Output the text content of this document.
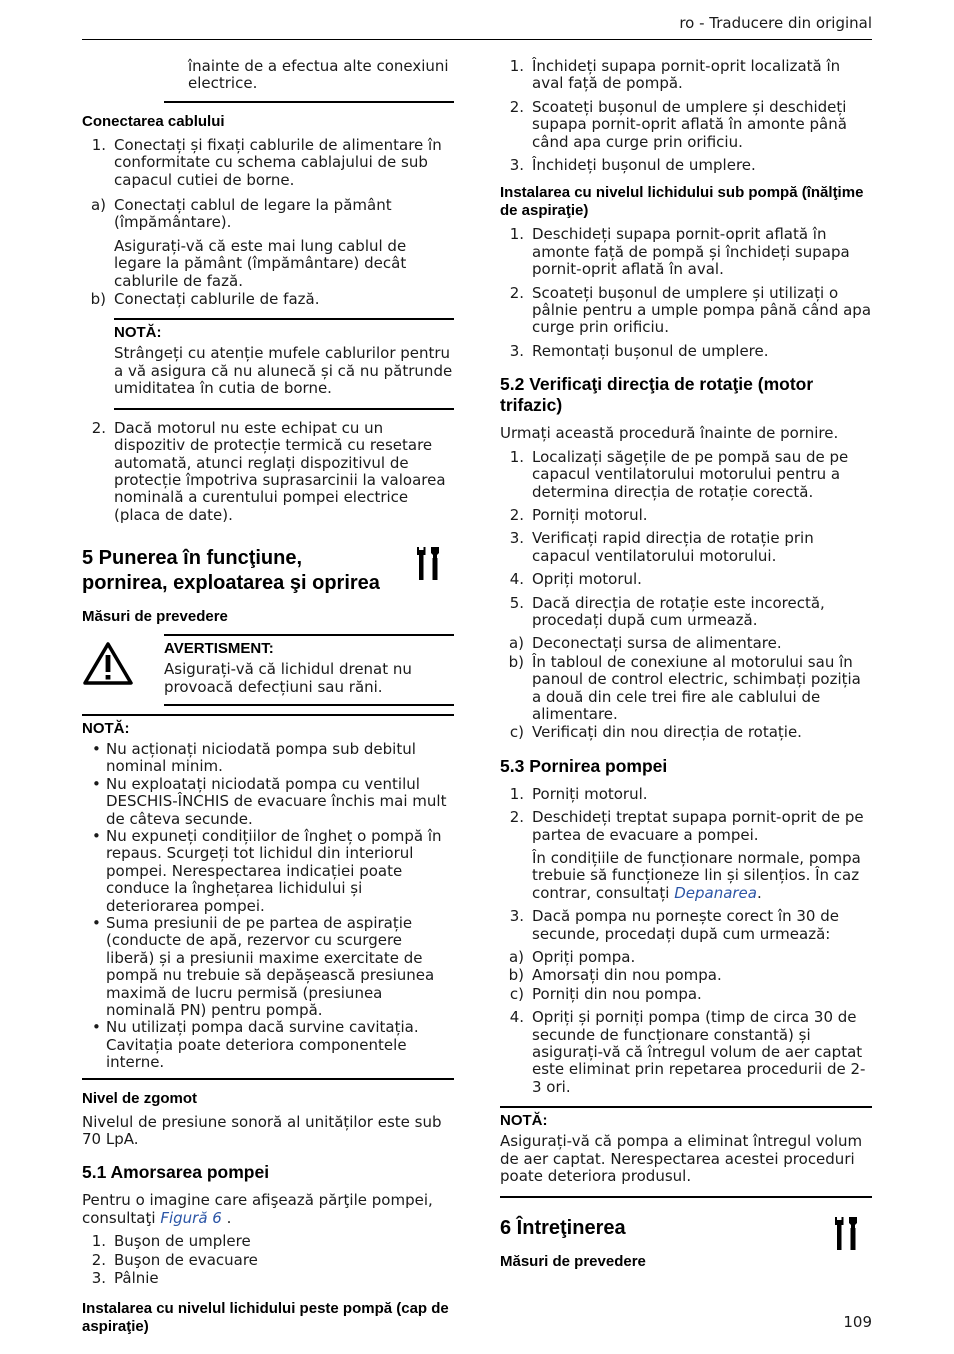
ro - Traducere din original

înainte de a efectua alte conexiuni electrice.

Conectarea cablului
1. Conectați și fixați cablurile de alimentare în conformitate cu schema cablajului de sub capacul cutiei de borne.
a) Conectați cablul de legare la pământ (împământare).

Asigurați-vă că este mai lung cablul de legare la pământ (împământare) decât cablurile de fază.

b) Conectați cablurile de fază.
NOTĂ:

Strângeți cu atenție mufele cablurilor pentru a vă asigura că nu alunecă și că nu pătrunde umiditatea în cutia de borne.

2. Dacă motorul nu este echipat cu un dispozitiv de protecție termică cu resetare automată, atunci reglați dispozitivul de protecție împotriva suprasarcinii la valoarea nominală a curentului pompei electrice (placa de date).
5 Punerea în funcţiune, pornirea, exploatarea şi oprirea
Măsuri de prevedere
AVERTISMENT:

Asigurați-vă că lichidul drenat nu provoacă defecțiuni sau răni.

NOTĂ:
• Nu acționați niciodată pompa sub debitul nominal minim.
• Nu exploatați niciodată pompa cu ventilul DESCHIS-ÎNCHIS de evacuare închis mai mult de câteva secunde.
• Nu expuneți condițiilor de îngheț o pompă în repaus. Scurgeți tot lichidul din interiorul pompei. Nerespectarea indicației poate conduce la înghețarea lichidului și deteriorarea pompei.
• Suma presiunii de pe partea de aspirație (conducte de apă, rezervor cu scurgere liberă) și a presiunii maxime exercitate de pompă nu trebuie să depășească presiunea maximă de lucru permisă (presiunea nominală PN) pentru pompă.
• Nu utilizați pompa dacă survine cavitația. Cavitația poate deteriora componentele interne.
Nivel de zgomot

Nivelul de presiune sonoră al unităților este sub 70 LpA.

5.1 Amorsarea pompei

Pentru o imagine care afişează părţile pompei, consultaţi Figură 6 .

1. Buşon de umplere
2. Buşon de evacuare
3. Pâlnie
Instalarea cu nivelul lichidului peste pompă (cap de aspiraţie)
1. Închideți supapa pornit-oprit localizată în aval față de pompă.
2. Scoateți bușonul de umplere și deschideți supapa pornit-oprit aflată în amonte până când apa curge prin orificiu.
3. Închideți bușonul de umplere.
Instalarea cu nivelul lichidului sub pompă (înălţime de aspiraţie)
1. Deschideți supapa pornit-oprit aflată în amonte față de pompă și închideți supapa pornit-oprit aflată în aval.
2. Scoateți bușonul de umplere și utilizați o pâlnie pentru a umple pompa până când apa curge prin orificiu.
3. Remontați bușonul de umplere.
5.2 Verificaţi direcţia de rotaţie (motor trifazic)

Urmați această procedură înainte de pornire.

1. Localizați săgețile de pe pompă sau de pe capacul ventilatorului motorului pentru a determina direcția de rotație corectă.
2. Porniți motorul.
3. Verificați rapid direcția de rotație prin capacul ventilatorului motorului.
4. Opriți motorul.
5. Dacă direcția de rotație este incorectă, procedați după cum urmează.
a) Deconectați sursa de alimentare.
b) În tabloul de conexiune al motorului sau în panoul de control electric, schimbați poziția a două din cele trei fire ale cablului de alimentare.
c) Verificați din nou direcția de rotație.
5.3 Pornirea pompei
1. Porniți motorul.
2. Deschideți treptat supapa pornit-oprit de pe partea de evacuare a pompei.

În condițiile de funcționare normale, pompa trebuie să funcționeze lin și silențios. În caz contrar, consultați Depanarea.

3. Dacă pompa nu pornește corect în 30 de secunde, procedați după cum urmează:
a) Opriți pompa.
b) Amorsați din nou pompa.
c) Porniți din nou pompa.
4. Opriți și porniți pompa (timp de circa 30 de secunde de funcționare constantă) și asigurați-vă că întregul volum de aer captat este eliminat prin repetarea procedurii de 2-3 ori.
NOTĂ:

Asigurați-vă că pompa a eliminat întregul volum de aer captat. Nerespectarea acestei proceduri poate deteriora produsul.

6 Întreţinerea
Măsuri de prevedere
109
